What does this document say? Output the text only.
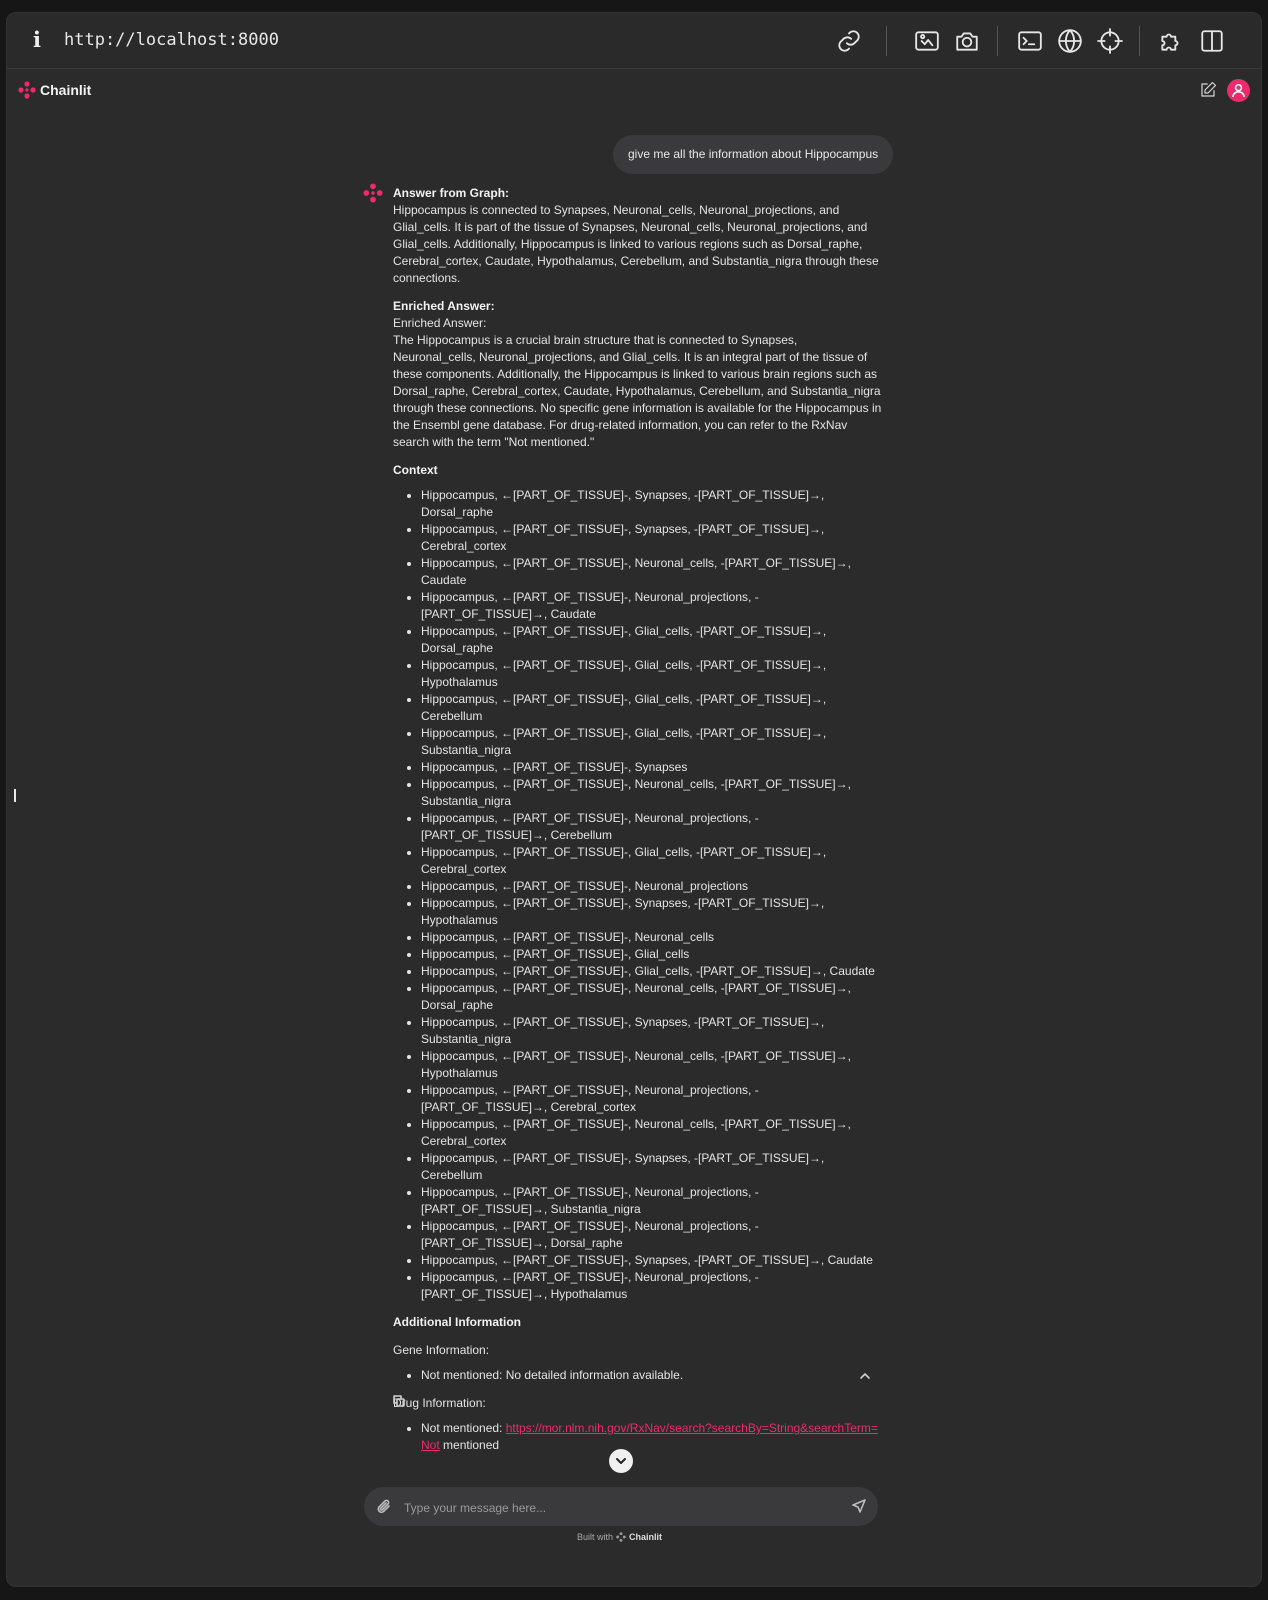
i	http://localhost:8000
Chainlit
give me all the information about Hippocampus

Answer from Graph:

Hippocampus is connected to Synapses, Neuronal_cells, Neuronal_projections, and Glial_cells. It is part of the tissue of Synapses, Neuronal_cells, Neuronal_projections, and Glial_cells. Additionally, Hippocampus is linked to various regions such as Dorsal_raphe, Cerebral_cortex, Caudate, Hypothalamus, Cerebellum, and Substantia_nigra through these connections.

Enriched Answer:

Enriched Answer:

The Hippocampus is a crucial brain structure that is connected to Synapses, Neuronal_cells, Neuronal_projections, and Glial_cells. It is an integral part of the tissue of these components. Additionally, the Hippocampus is linked to various brain regions such as Dorsal_raphe, Cerebral_cortex, Caudate, Hypothalamus, Cerebellum, and Substantia_nigra through these connections. No specific gene information is available for the Hippocampus in the Ensembl gene database. For drug-related information, you can refer to the RxNav search with the term "Not mentioned."

Context

• Hippocampus, ←[PART_OF_TISSUE]-, Synapses, -[PART_OF_TISSUE]→, Dorsal_raphe
• Hippocampus, ←[PART_OF_TISSUE]-, Synapses, -[PART_OF_TISSUE]→, Cerebral_cortex
• Hippocampus, ←[PART_OF_TISSUE]-, Neuronal_cells, -[PART_OF_TISSUE]→, Caudate
• Hippocampus, ←[PART_OF_TISSUE]-, Neuronal_projections, -[PART_OF_TISSUE]→, Caudate
• Hippocampus, ←[PART_OF_TISSUE]-, Glial_cells, -[PART_OF_TISSUE]→, Dorsal_raphe
• Hippocampus, ←[PART_OF_TISSUE]-, Glial_cells, -[PART_OF_TISSUE]→, Hypothalamus
• Hippocampus, ←[PART_OF_TISSUE]-, Glial_cells, -[PART_OF_TISSUE]→, Cerebellum
• Hippocampus, ←[PART_OF_TISSUE]-, Glial_cells, -[PART_OF_TISSUE]→, Substantia_nigra
• Hippocampus, ←[PART_OF_TISSUE]-, Synapses
• Hippocampus, ←[PART_OF_TISSUE]-, Neuronal_cells, -[PART_OF_TISSUE]→, Substantia_nigra
• Hippocampus, ←[PART_OF_TISSUE]-, Neuronal_projections, -[PART_OF_TISSUE]→, Cerebellum
• Hippocampus, ←[PART_OF_TISSUE]-, Glial_cells, -[PART_OF_TISSUE]→, Cerebral_cortex
• Hippocampus, ←[PART_OF_TISSUE]-, Neuronal_projections
• Hippocampus, ←[PART_OF_TISSUE]-, Synapses, -[PART_OF_TISSUE]→, Hypothalamus
• Hippocampus, ←[PART_OF_TISSUE]-, Neuronal_cells
• Hippocampus, ←[PART_OF_TISSUE]-, Glial_cells
• Hippocampus, ←[PART_OF_TISSUE]-, Glial_cells, -[PART_OF_TISSUE]→, Caudate
• Hippocampus, ←[PART_OF_TISSUE]-, Neuronal_cells, -[PART_OF_TISSUE]→, Dorsal_raphe
• Hippocampus, ←[PART_OF_TISSUE]-, Synapses, -[PART_OF_TISSUE]→, Substantia_nigra
• Hippocampus, ←[PART_OF_TISSUE]-, Neuronal_cells, -[PART_OF_TISSUE]→, Hypothalamus
• Hippocampus, ←[PART_OF_TISSUE]-, Neuronal_projections, -[PART_OF_TISSUE]→, Cerebral_cortex
• Hippocampus, ←[PART_OF_TISSUE]-, Neuronal_cells, -[PART_OF_TISSUE]→, Cerebral_cortex
• Hippocampus, ←[PART_OF_TISSUE]-, Synapses, -[PART_OF_TISSUE]→, Cerebellum
• Hippocampus, ←[PART_OF_TISSUE]-, Neuronal_projections, -[PART_OF_TISSUE]→, Substantia_nigra
• Hippocampus, ←[PART_OF_TISSUE]-, Neuronal_projections, -[PART_OF_TISSUE]→, Dorsal_raphe
• Hippocampus, ←[PART_OF_TISSUE]-, Synapses, -[PART_OF_TISSUE]→, Caudate
• Hippocampus, ←[PART_OF_TISSUE]-, Neuronal_projections, -[PART_OF_TISSUE]→, Hypothalamus

Additional Information

Gene Information:

• Not mentioned: No detailed information available.

Drug Information:

• Not mentioned: https://mor.nlm.nih.gov/RxNav/search?searchBy=String&searchTerm=Not mentioned
Type your message here...
Built with Chainlit
